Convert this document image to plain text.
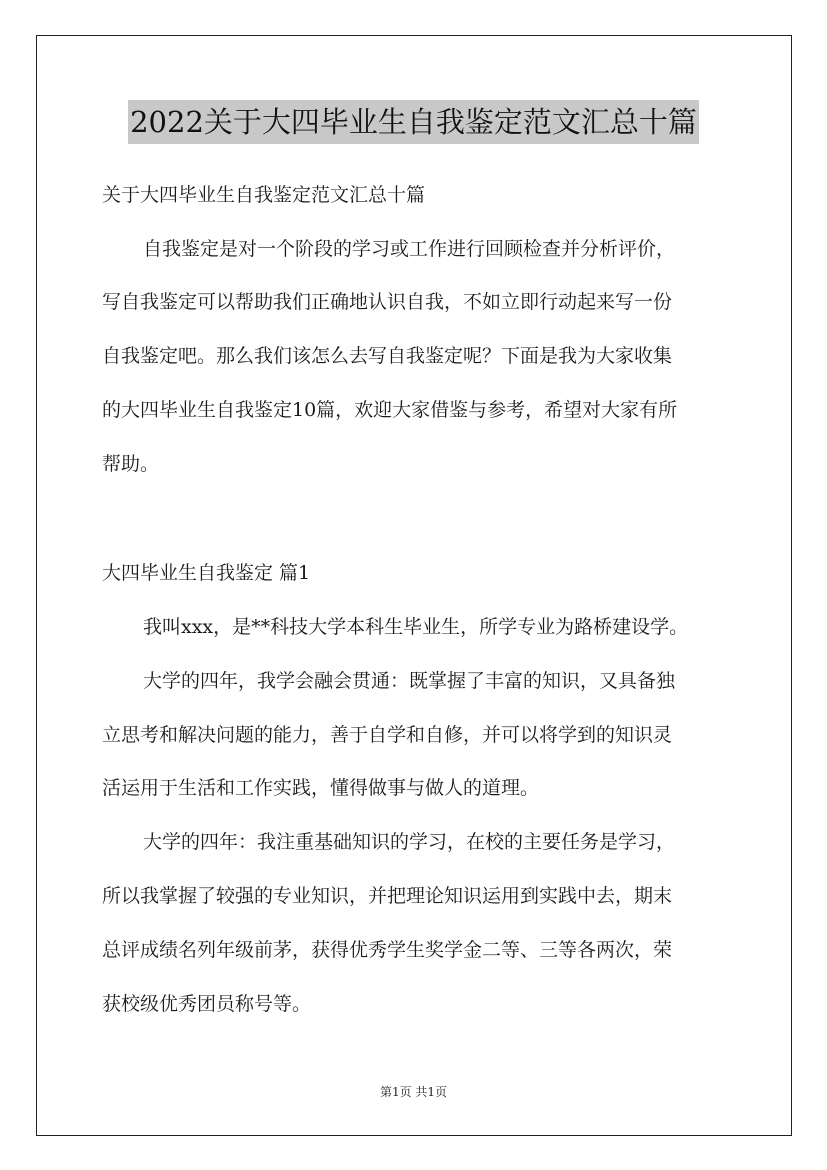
2022关于大四毕业生自我鉴定范文汇总十篇
关于大四毕业生自我鉴定范文汇总十篇
自我鉴定是对一个阶段的学习或工作进行回顾检查并分析评价，
写自我鉴定可以帮助我们正确地认识自我，不如立即行动起来写一份
自我鉴定吧。那么我们该怎么去写自我鉴定呢？下面是我为大家收集
的大四毕业生自我鉴定10篇，欢迎大家借鉴与参考，希望对大家有所
帮助。
大四毕业生自我鉴定 篇1
我叫xxx，是**科技大学本科生毕业生，所学专业为路桥建设学。
大学的四年，我学会融会贯通：既掌握了丰富的知识，又具备独
立思考和解决问题的能力，善于自学和自修，并可以将学到的知识灵
活运用于生活和工作实践，懂得做事与做人的道理。
大学的四年：我注重基础知识的学习，在校的主要任务是学习，
所以我掌握了较强的专业知识，并把理论知识运用到实践中去，期末
总评成绩名列年级前茅，获得优秀学生奖学金二等、三等各两次，荣
获校级优秀团员称号等。
第1页 共1页
